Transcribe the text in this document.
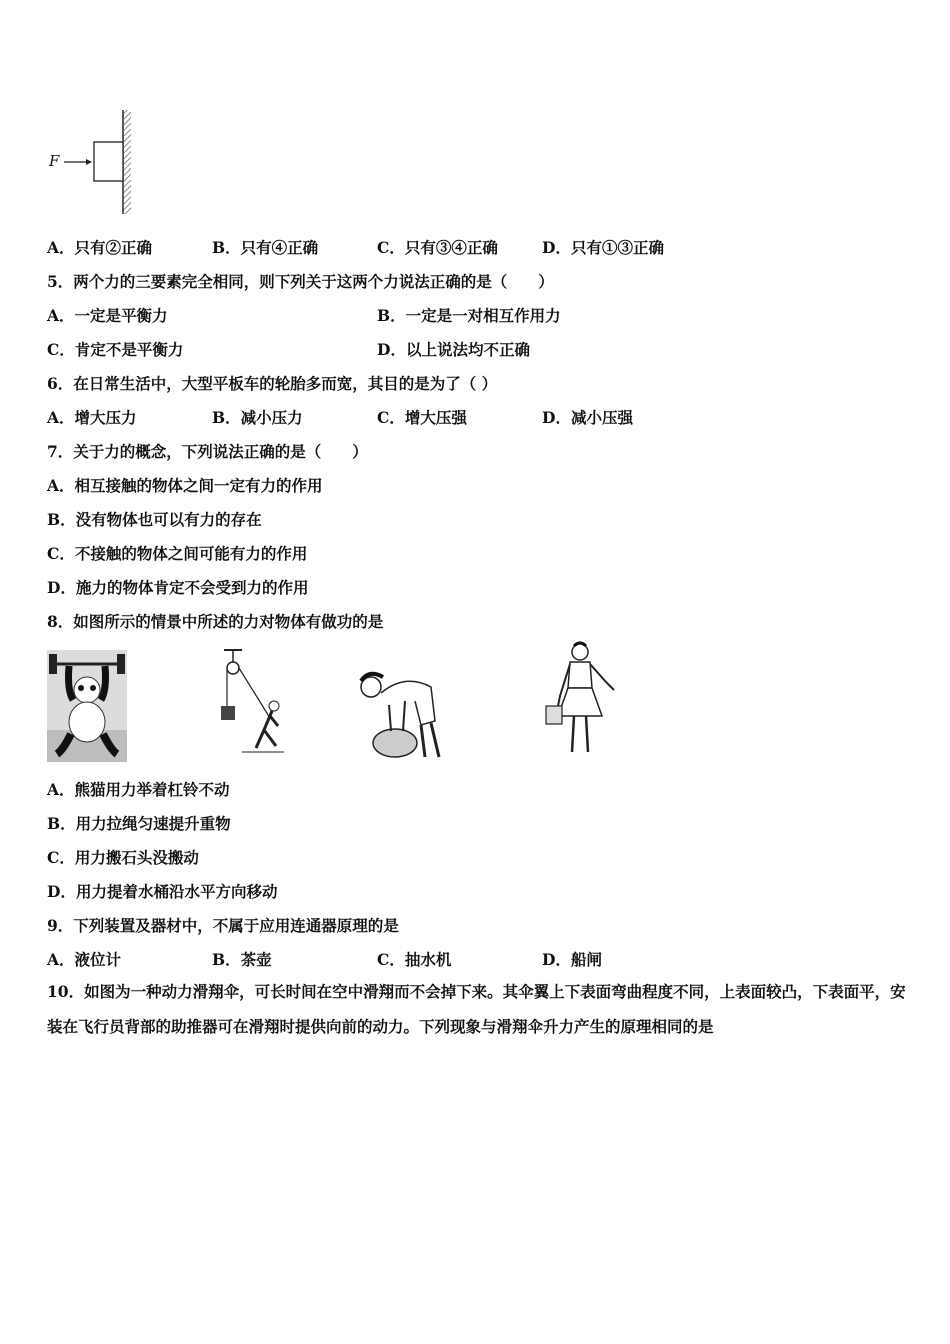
F
A．只有②正确	B．只有④正确	C．只有③④正确	D．只有①③正确
5．两个力的三要素完全相同，则下列关于这两个力说法正确的是（　　）
A．一定是平衡力	B．一定是一对相互作用力
C．肯定不是平衡力	D．以上说法均不正确
6．在日常生活中，大型平板车的轮胎多而宽，其目的是为了（ ）
A．增大压力	B．减小压力	C．增大压强	D．减小压强
7．关于力的概念，下列说法正确的是（　　）
A．相互接触的物体之间一定有力的作用
B．没有物体也可以有力的存在
C．不接触的物体之间可能有力的作用
D．施力的物体肯定不会受到力的作用
8．如图所示的情景中所述的力对物体有做功的是
A．熊猫用力举着杠铃不动
B．用力拉绳匀速提升重物
C．用力搬石头没搬动
D．用力提着水桶沿水平方向移动
9．下列装置及器材中，不属于应用连通器原理的是
A．液位计	B．茶壶	C．抽水机	D．船闸
10．如图为一种动力滑翔伞，可长时间在空中滑翔而不会掉下来。其伞翼上下表面弯曲程度不同，上表面较凸，下表面平，安装在飞行员背部的助推器可在滑翔时提供向前的动力。下列现象与滑翔伞升力产生的原理相同的是
